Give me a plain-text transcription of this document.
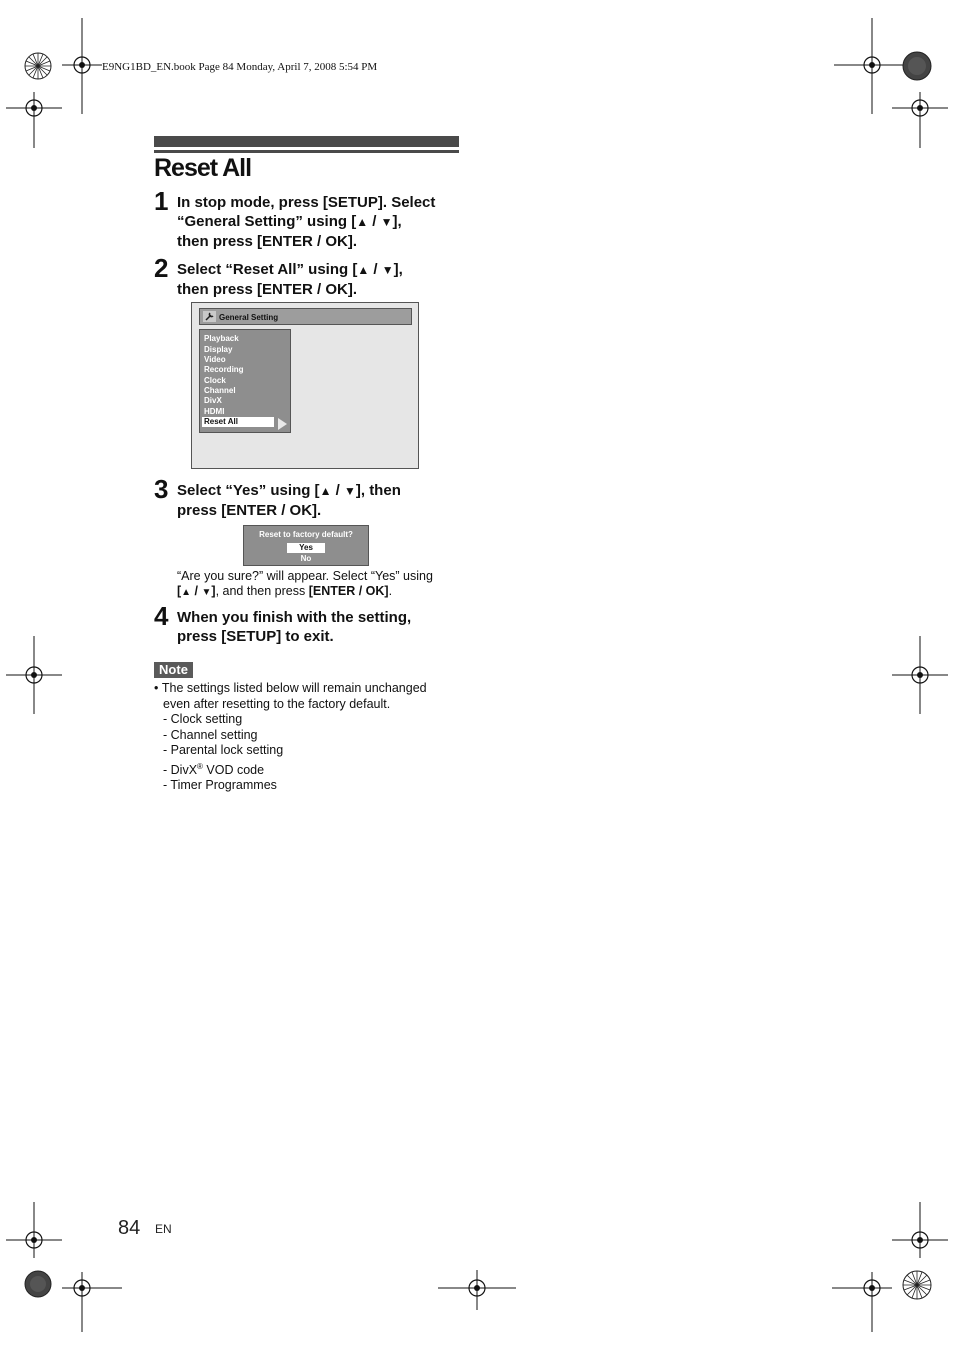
E9NG1BD_EN.book Page 84 Monday, April 7, 2008 5:54 PM
Reset All
1 In stop mode, press [SETUP]. Select
“General Setting” using [▲ / ▼],
then press [ENTER / OK].
2 Select “Reset All” using [▲ / ▼],
then press [ENTER / OK].
General Setting
Playback
Display
Video
Recording
Clock
Channel
DivX
HDMI
Reset All
3 Select “Yes” using [▲ / ▼], then
press [ENTER / OK].
Reset to factory default?
Yes
No
“Are you sure?” will appear. Select “Yes” using
[▲ / ▼], and then press [ENTER / OK].
4 When you finish with the setting,
press [SETUP] to exit.
Note
• The settings listed below will remain unchanged
even after resetting to the factory default.
- Clock setting
- Channel setting
- Parental lock setting
- DivX® VOD code
- Timer Programmes
84 EN
